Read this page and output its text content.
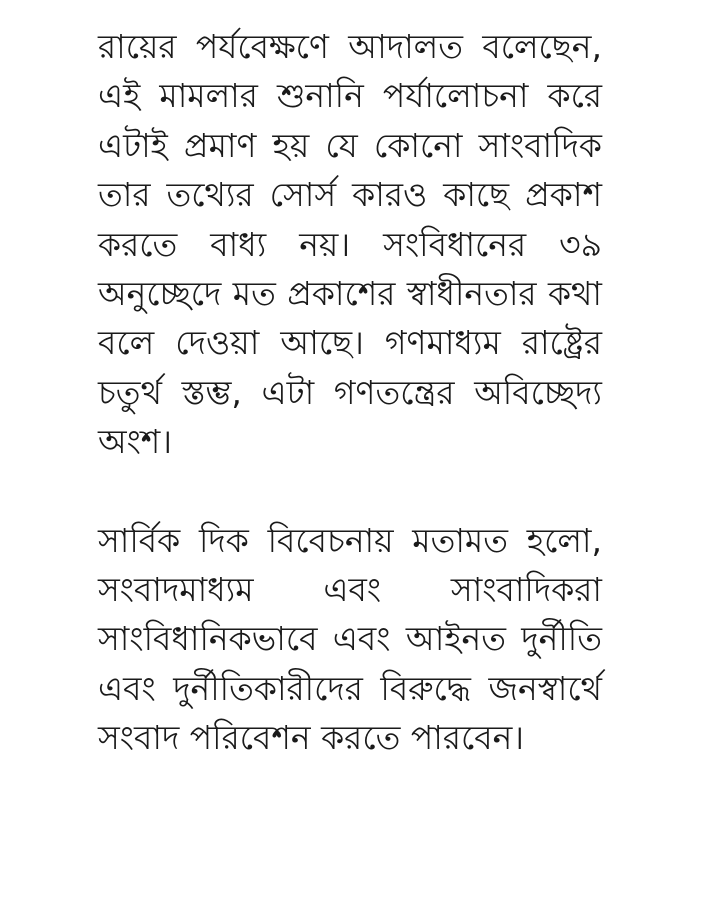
রায়ের পর্যবেক্ষণে আদালত বলেছেন, এই মামলার শুনানি পর্যালোচনা করে এটাই প্রমাণ হয় যে কোনো সাংবাদিক তার তথ্যের সোর্স কারও কাছে প্রকাশ করতে বাধ্য নয়। সংবিধানের ৩৯ অনুচ্ছেদে মত প্রকাশের স্বাধীনতার কথা বলে দেওয়া আছে। গণমাধ্যম রাষ্ট্রের চতুর্থ স্তম্ভ, এটা গণতন্ত্রের অবিচ্ছেদ্য অংশ।

সার্বিক দিক বিবেচনায় মতামত হলো, সংবাদমাধ্যম এবং সাংবাদিকরা সাংবিধানিকভাবে এবং আইনত দুর্নীতি এবং দুর্নীতিকারীদের বিরুদ্ধে জনস্বার্থে সংবাদ পরিবেশন করতে পারবেন।
